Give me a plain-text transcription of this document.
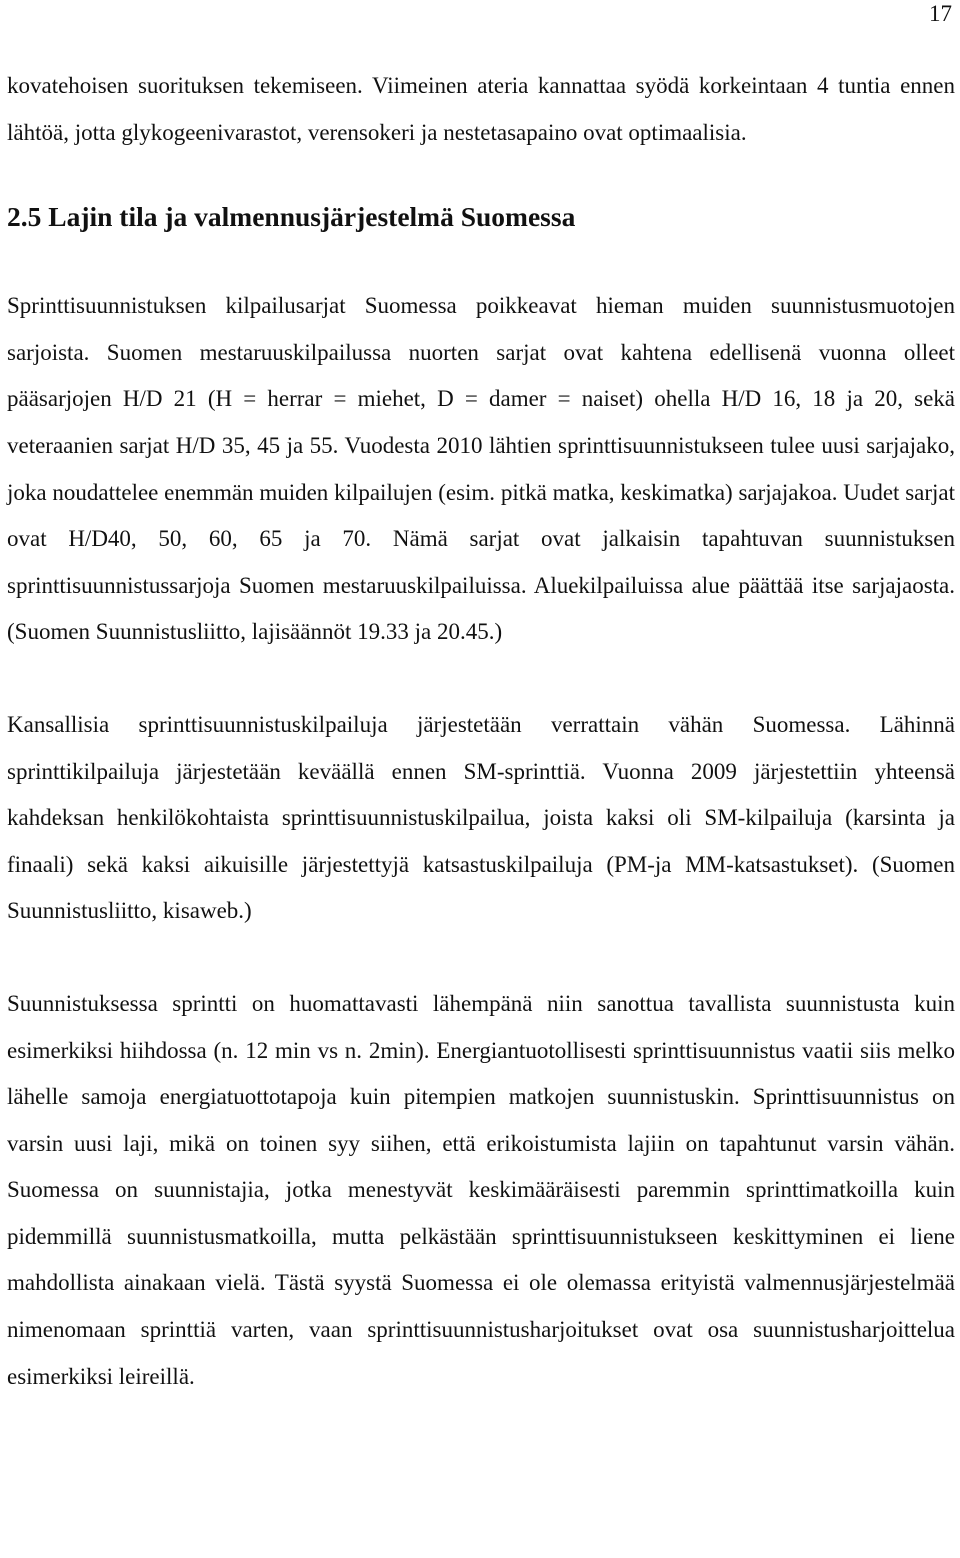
17

kovatehoisen suorituksen tekemiseen. Viimeinen ateria kannattaa syödä korkeintaan 4 tuntia ennen lähtöä, jotta glykogeenivarastot, verensokeri ja nestetasapaino ovat optimaalisia.

2.5 Lajin tila ja valmennusjärjestelmä Suomessa

Sprinttisuunnistuksen kilpailusarjat Suomessa poikkeavat hieman muiden suunnistusmuotojen sarjoista. Suomen mestaruuskilpailussa nuorten sarjat ovat kahtena edellisenä vuonna olleet pääsarjojen H/D 21 (H = herrar = miehet, D = damer = naiset) ohella H/D 16, 18 ja 20, sekä veteraanien sarjat H/D 35, 45 ja 55. Vuodesta 2010 lähtien sprinttisuunnistukseen tulee uusi sarjajako, joka noudattelee enemmän muiden kilpailujen (esim. pitkä matka, keskimatka) sarjajakoa. Uudet sarjat ovat H/D40, 50, 60, 65 ja 70. Nämä sarjat ovat jalkaisin tapahtuvan suunnistuksen sprinttisuunnistussarjoja Suomen mestaruuskilpailuissa. Aluekilpailuissa alue päättää itse sarjajaosta. (Suomen Suunnistusliitto, lajisäännöt 19.33 ja 20.45.)

Kansallisia sprinttisuunnistuskilpailuja järjestetään verrattain vähän Suomessa. Lähinnä sprinttikilpailuja järjestetään keväällä ennen SM-sprinttiä. Vuonna 2009 järjestettiin yhteensä kahdeksan henkilökohtaista sprinttisuunnistuskilpailua, joista kaksi oli SM-kilpailuja (karsinta ja finaali) sekä kaksi aikuisille järjestettyjä katsastuskilpailuja (PM-ja MM-katsastukset). (Suomen Suunnistusliitto, kisaweb.)

Suunnistuksessa sprintti on huomattavasti lähempänä niin sanottua tavallista suunnistusta kuin esimerkiksi hiihdossa (n. 12 min vs n. 2min). Energiantuotollisesti sprinttisuunnistus vaatii siis melko lähelle samoja energiatuottotapoja kuin pitempien matkojen suunnistuskin. Sprinttisuunnistus on varsin uusi laji, mikä on toinen syy siihen, että erikoistumista lajiin on tapahtunut varsin vähän. Suomessa on suunnistajia, jotka menestyvät keskimääräisesti paremmin sprinttimatkoilla kuin pidemmillä suunnistusmatkoilla, mutta pelkästään sprinttisuunnistukseen keskittyminen ei liene mahdollista ainakaan vielä. Tästä syystä Suomessa ei ole olemassa erityistä valmennusjärjestelmää nimenomaan sprinttiä varten, vaan sprinttisuunnistusharjoitukset ovat osa suunnistusharjoittelua esimerkiksi leireillä.
